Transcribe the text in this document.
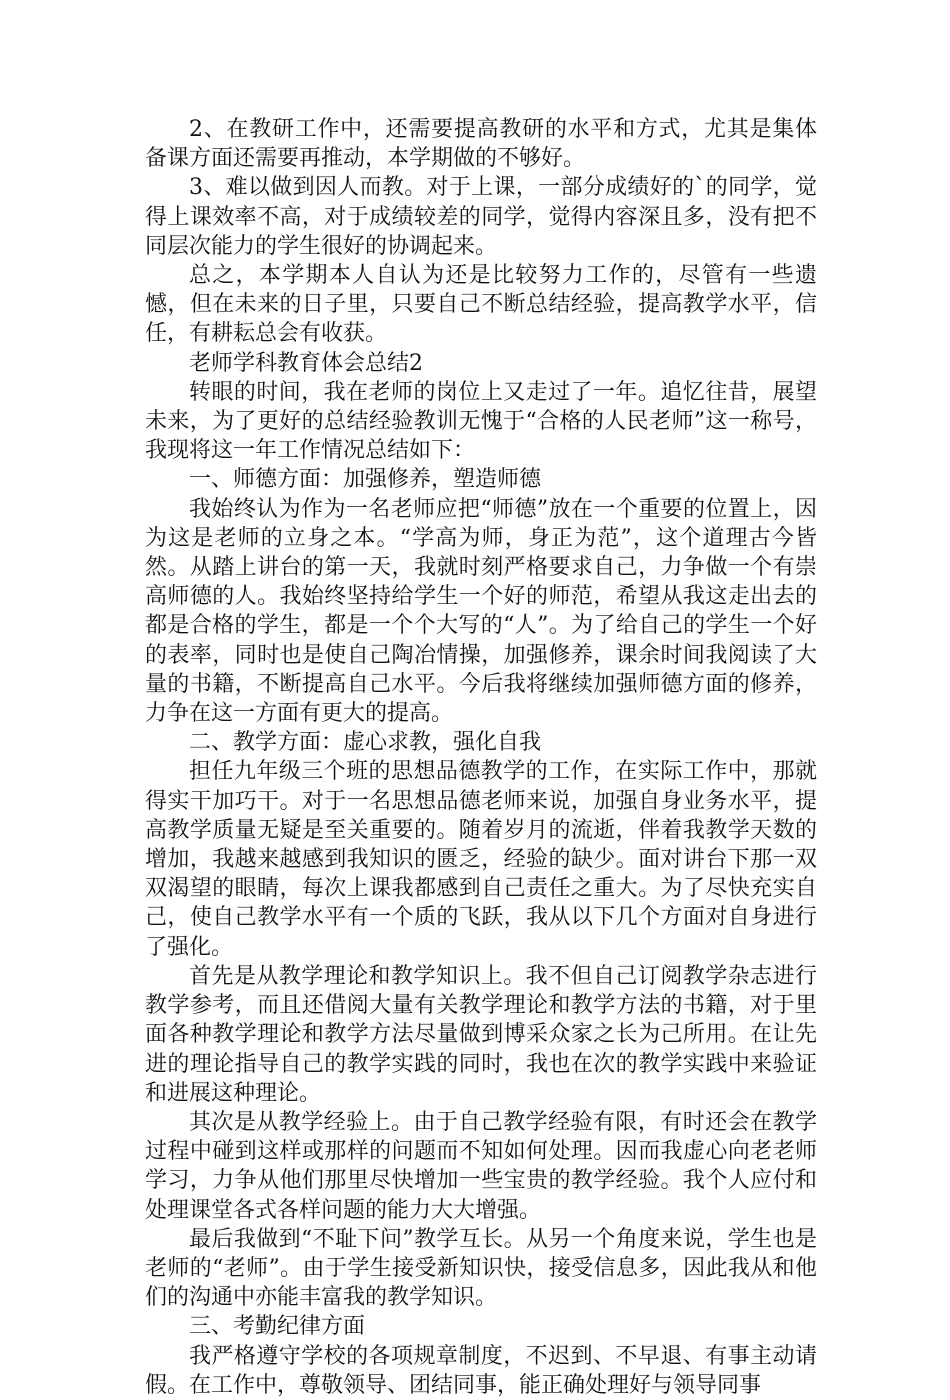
2、在教研工作中，还需要提高教研的水平和方式，尤其是集体备课方面还需要再推动，本学期做的不够好。

3、难以做到因人而教。对于上课，一部分成绩好的`的同学，觉得上课效率不高，对于成绩较差的同学，觉得内容深且多，没有把不同层次能力的学生很好的协调起来。

总之，本学期本人自认为还是比较努力工作的，尽管有一些遗憾，但在未来的日子里，只要自己不断总结经验，提高教学水平，信任，有耕耘总会有收获。

老师学科教育体会总结2

转眼的时间，我在老师的岗位上又走过了一年。追忆往昔，展望未来，为了更好的总结经验教训无愧于“合格的人民老师”这一称号，我现将这一年工作情况总结如下：

一、师德方面：加强修养，塑造师德

我始终认为作为一名老师应把“师德”放在一个重要的位置上，因为这是老师的立身之本。“学高为师，身正为范”，这个道理古今皆然。从踏上讲台的第一天，我就时刻严格要求自己，力争做一个有崇高师德的人。我始终坚持给学生一个好的师范，希望从我这走出去的都是合格的学生，都是一个个大写的“人”。为了给自己的学生一个好的表率，同时也是使自己陶冶情操，加强修养，课余时间我阅读了大量的书籍，不断提高自己水平。今后我将继续加强师德方面的修养，力争在这一方面有更大的提高。

二、教学方面：虚心求教，强化自我

担任九年级三个班的思想品德教学的工作，在实际工作中，那就得实干加巧干。对于一名思想品德老师来说，加强自身业务水平，提高教学质量无疑是至关重要的。随着岁月的流逝，伴着我教学天数的增加，我越来越感到我知识的匮乏，经验的缺少。面对讲台下那一双双渴望的眼睛，每次上课我都感到自己责任之重大。为了尽快充实自己，使自己教学水平有一个质的飞跃，我从以下几个方面对自身进行了强化。

首先是从教学理论和教学知识上。我不但自己订阅教学杂志进行教学参考，而且还借阅大量有关教学理论和教学方法的书籍，对于里面各种教学理论和教学方法尽量做到博采众家之长为己所用。在让先进的理论指导自己的教学实践的同时，我也在次的教学实践中来验证和进展这种理论。

其次是从教学经验上。由于自己教学经验有限，有时还会在教学过程中碰到这样或那样的问题而不知如何处理。因而我虚心向老老师学习，力争从他们那里尽快增加一些宝贵的教学经验。我个人应付和处理课堂各式各样问题的能力大大增强。

最后我做到“不耻下问”教学互长。从另一个角度来说，学生也是老师的“老师”。由于学生接受新知识快，接受信息多，因此我从和他们的沟通中亦能丰富我的教学知识。

三、考勤纪律方面

我严格遵守学校的各项规章制度，不迟到、不早退、有事主动请假。在工作中，尊敬领导、团结同事，能正确处理好与领导同事
